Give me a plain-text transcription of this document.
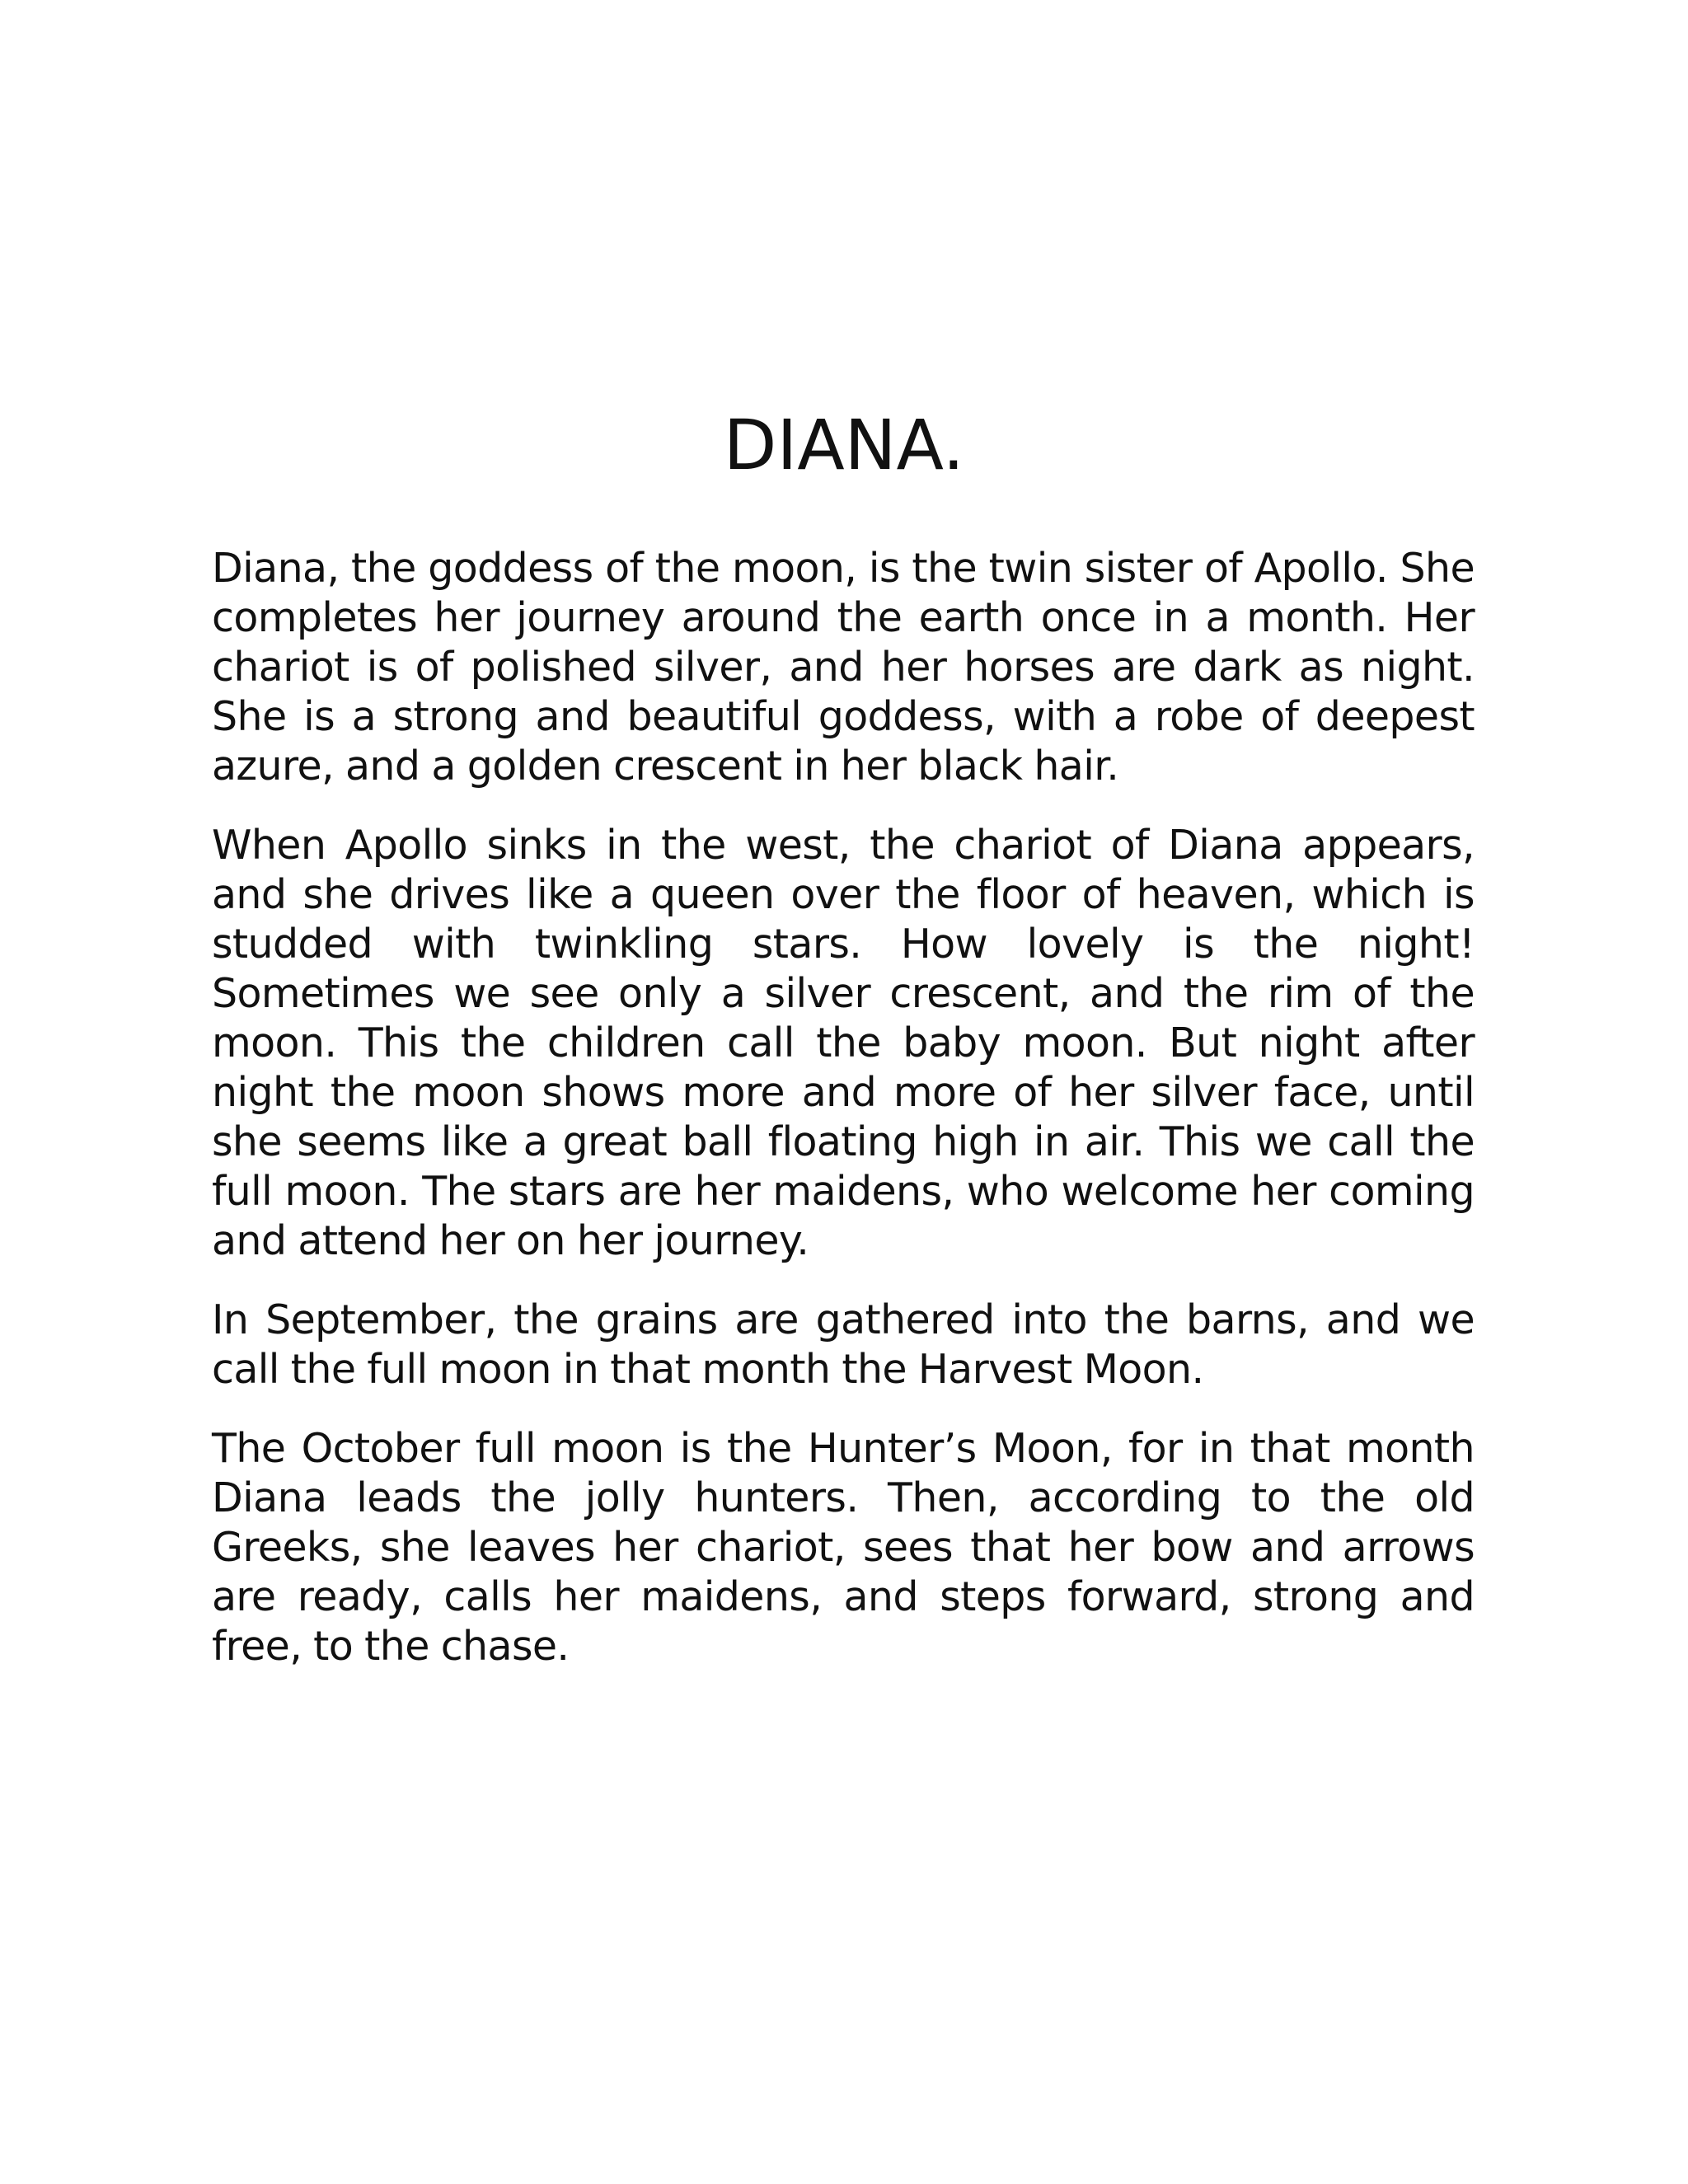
DIANA.

Diana, the goddess of the moon, is the twin sister of Apollo. She completes her journey around the earth once in a month. Her chariot is of polished silver, and her horses are dark as night. She is a strong and beautiful goddess, with a robe of deepest azure, and a golden crescent in her black hair.

When Apollo sinks in the west, the chariot of Diana appears, and she drives like a queen over the floor of heaven, which is studded with twinkling stars. How lovely is the night! Sometimes we see only a silver crescent, and the rim of the moon. This the children call the baby moon. But night after night the moon shows more and more of her silver face, until she seems like a great ball floating high in air. This we call the full moon. The stars are her maidens, who welcome her coming and attend her on her journey.

In September, the grains are gathered into the barns, and we call the full moon in that month the Harvest Moon.

The October full moon is the Hunter’s Moon, for in that month Diana leads the jolly hunters. Then, according to the old Greeks, she leaves her chariot, sees that her bow and arrows are ready, calls her maidens, and steps forward, strong and free, to the chase.
